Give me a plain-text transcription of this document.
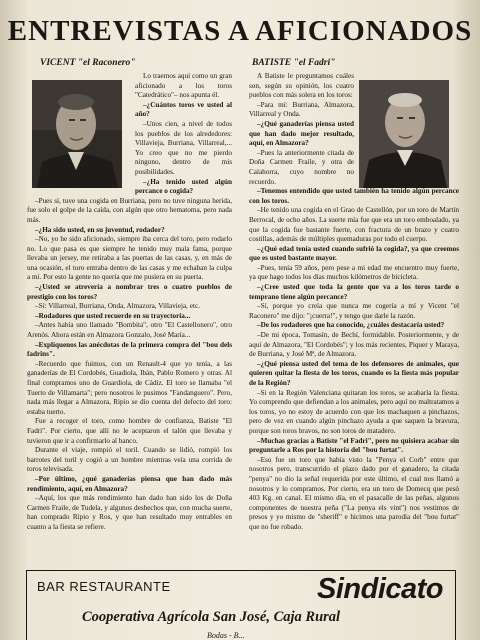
ENTREVISTAS A AFICIONADOS
VICENT "el Raconero"	BATISTE "el Fadri"

Lo traemos aquí como un gran aficionado a los toros "Catedrático"– nos apunta él.

–¿Cuántos toros ve usted al año?

–Unos cien, a nivel de todos los pueblos de los alrededores: Villavieja, Burriana, Villarreal,... Yo creo que no me pierdo ninguno, dentro de mis posibilidades.

–¿Ha tenido usted algún percance o cogida?

–Pues sí, tuve una cogida en Burriana, pero no tuve ninguna herida, fue solo el golpe de la caída, con algún que otro hematoma, pero nada más.

–¿Ha sido usted, en su juventud, rodador?

–No, yo he sido aficionado, siempre iba cerca del toro, pero rodarlo no. Lo que pasa es que siempre he tenido muy mala fama, porque llevaba un jersey, me retiraba a las puertas de las casas, y, en más de una ocasión, el toro entraba dentro de las casas y me echaban la culpa a mí. Por esto la gente no quería que me pusiera en su puerta.

–¿Usted se atrevería a nombrar tres o cuatro pueblos de prestigio con los toros?

–Sí: Villarreal, Burriana, Onda, Almazora, Villavieja, etc.

–Rodadores que usted recuerde en su trayectoria...

–Antes había uno llamado "Bombita", otro "El Castellonero", otro Arenós. Ahora están en Almazora Gonzalo, José María...

–Explíquenos las anécdotas de la primera compra del "bou dels fadrins".

–Recuerdo que fuimos, con un Renault-4 que yo tenía, a las ganaderías de El Cordobés, Guadiola, Ibán, Pablo Romero y otras. Al final compramos uno de Guardiola, de Cádiz. El toro se llamaba "el Tuerto de Villamarta"; pero nosotros le pusimos "Fandanguero". Pero, nada más llegar a Almazora, Ripio se dio cuenta del defecto del toro: estaba tuerto.

Fue a recoger el toro, como hombre de confianza, Batiste "El Fadri". Por cierto, que allí no le aceptaron el talón que llevaba y tuvieron que ir a confirmarlo al banco.

Durante el viaje, rompió el toril. Cuando se lidió, rompió los barrotes del toril y cogió a un hombre mientras veía una corrida de toros televisada.

–Por último, ¿qué ganaderías piensa que han dado más rendimiento, aquí, en Almazora?

–Aquí, los que más rendimiento han dado han sido los de Doña Carmen Fraile, de Tudela, y algunos deshechos que, con mucha suerte, han comprado Ripio y Ros, y que han resultado muy entrables en cuanto a la fiesta se refiere.

A Batiste le preguntamos cuáles son, según su opinión, los cuatro pueblos con más solera en los toros:

–Para mí: Burriana, Almazora, Villarreal y Onda.

–¿Qué ganaderías piensa usted que han dado mejor resultado, aquí, en Almazora?

–Pues la anteriormente citada de Doña Carmen Fraile, y otra de Calahorra, cuyo nombre no recuerdo.

–Tenemos entendido que usted también ha tenido algún percance con los toros.

–He tenido una cogida en el Grao de Castellón, por un toro de Martín Berrocal, de ocho años. La suerte mía fue que era un toro emboalado, ya que la cogida fue bastante fuerte, con fractura de un brazo y cuatro costillas, además de múltiples quemaduras por todo el cuerpo.

–¿Qué edad tenía usted cuando sufrió la cogida?, ya que creemos que es usted bastante mayor.

–Pues, tenía 59 años, pero pese a mi edad me encuentro muy fuerte, ya que hago todos los días muchos kilómetros de bicicleta.

–¿Cree usted que toda la gente que va a los toros tarde o temprano tiene algún percance?

–Sí, porque yo creía que nunca me cogería a mí y Vicent "el Raconero" me dijo: "¡cuerra!", y tengo que darle la razón.

–De los rodadores que ha conocido, ¿cuáles destacaría usted?

–De mi época, Tomasín, de Bechí, formidable. Posteriormente, y de aquí de Almazora, "El Cordobés"; y los más recientes, Piquer y Maraya, de Burriana, y José Mª, de Almazora.

–¿Qué piensa usted del tema de los defensores de animales, que quieren quitar la fiesta de los toros, cuando es la fiesta más popular de la Región?

–Si en la Región Valenciana quitaran los toros, se acabaría la fiesta. Yo comprendo que defiendan a los animales, pero aquí no maltratamos a los toros, yo no estoy de acuerdo con que los machaquen a pinchazos, pero de vez en cuando algún pinchazo ayuda a que saquen la bravura, porque son toros bravos, no son toros de matadero.

–Muchas gracias a Batiste "el Fadri", pero no quisiera acabar sin preguntarle a Ros por la historia del "bou furtat".

–Eso fue un toro que había visto la "Penya el Corb" entre que nosotros pero, transcurrido el plazo dado por el ganadero, la citada "penya" no dio la señal requerida por este último, el cual nos llamó a nosotros y lo compramos. Por cierto, era un toro de Domecq que pesó 403 Kg. en canal. El mismo día, en el pasacalle de las peñas, algunos componentes de nuestra peña ("La penya els vint") nos vestimos de presos y yo mismo de "sheriff" e hicimos una parodia del "bou furtat" que no fue robado.

BAR RESTAURANTE	Sindicato
Cooperativa Agrícola San José, Caja Rural
Bodas - B...
